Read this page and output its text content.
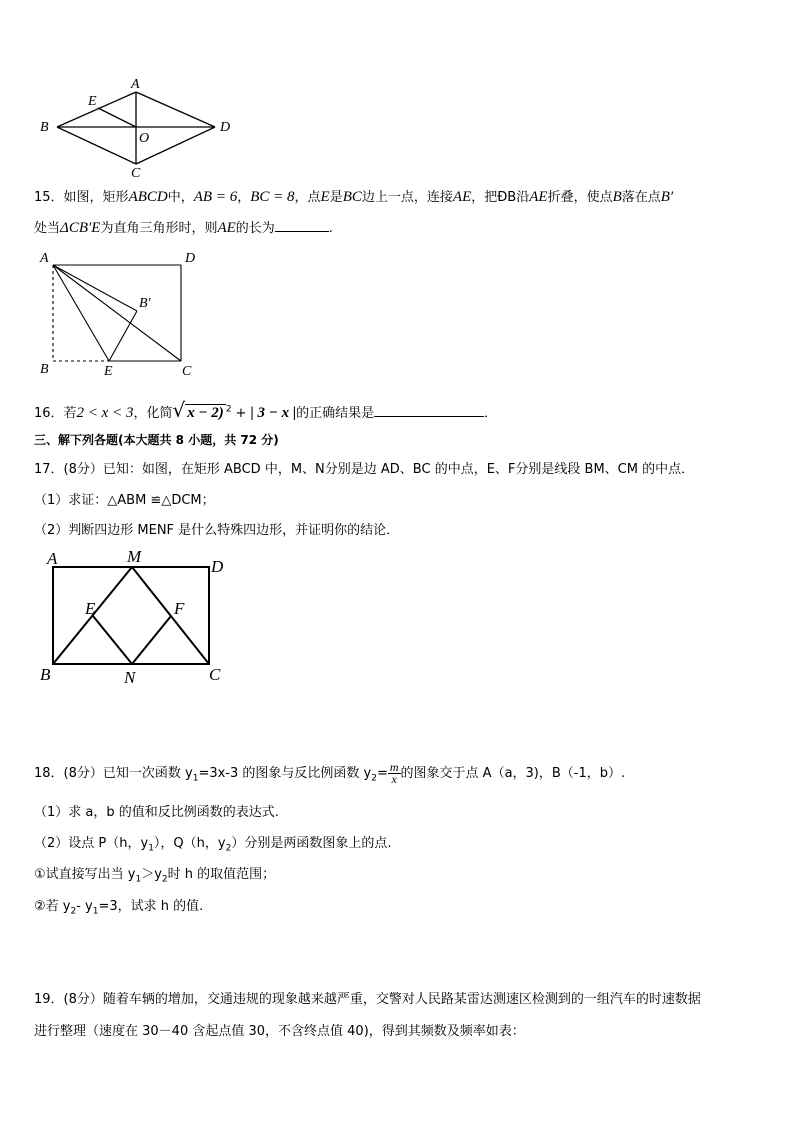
A
B
C
D
E
O
15．如图，矩形ABCD中，AB = 6，BC = 8，点E是BC边上一点，连接AE，把ÐB沿AE折叠，使点B落在点B′
处当ΔCB′E为直角三角形时，则AE的长为	.
A	D
B′
B	E	C
16．若2 < x < 3，化简√ x − 2) $^2$ + | 3 − x |的正确结果是	．
三、解下列各题(本大题共 8 小题，共 72 分)
17．(8分）已知：如图，在矩形 ABCD 中，M、N分别是边 AD、BC 的中点，E、F分别是线段 BM、CM 的中点．
（1）求证：△ABM ≌△DCM；
（2）判断四边形 MENF 是什么特殊四边形，并证明你的结论．
A	M
D
E	F
B	N	C
18．(8分）已知一次函数 $y_1=3x-3$ 的图象与反比例函数 $y_2= \frac{m}{x}$ 的图象交于点 A（a，3)，B（-1，b）.
（1）求 a，b 的值和反比例函数的表达式.
（2）设点 P（h，$y_1$），Q（h，$y_2$）分别是两函数图象上的点.
①试直接写出当 $y_1>y_2$时 h 的取值范围；
②若 $y_2-$ $y_1=3$，试求 h 的值.
19．(8分）随着车辆的增加，交通违规的现象越来越严重，交警对人民路某雷达测速区检测到的一组汽车的时速数据
进行整理（速度在 30－40 含起点值 30，不含终点值 40)，得到其频数及频率如表：
